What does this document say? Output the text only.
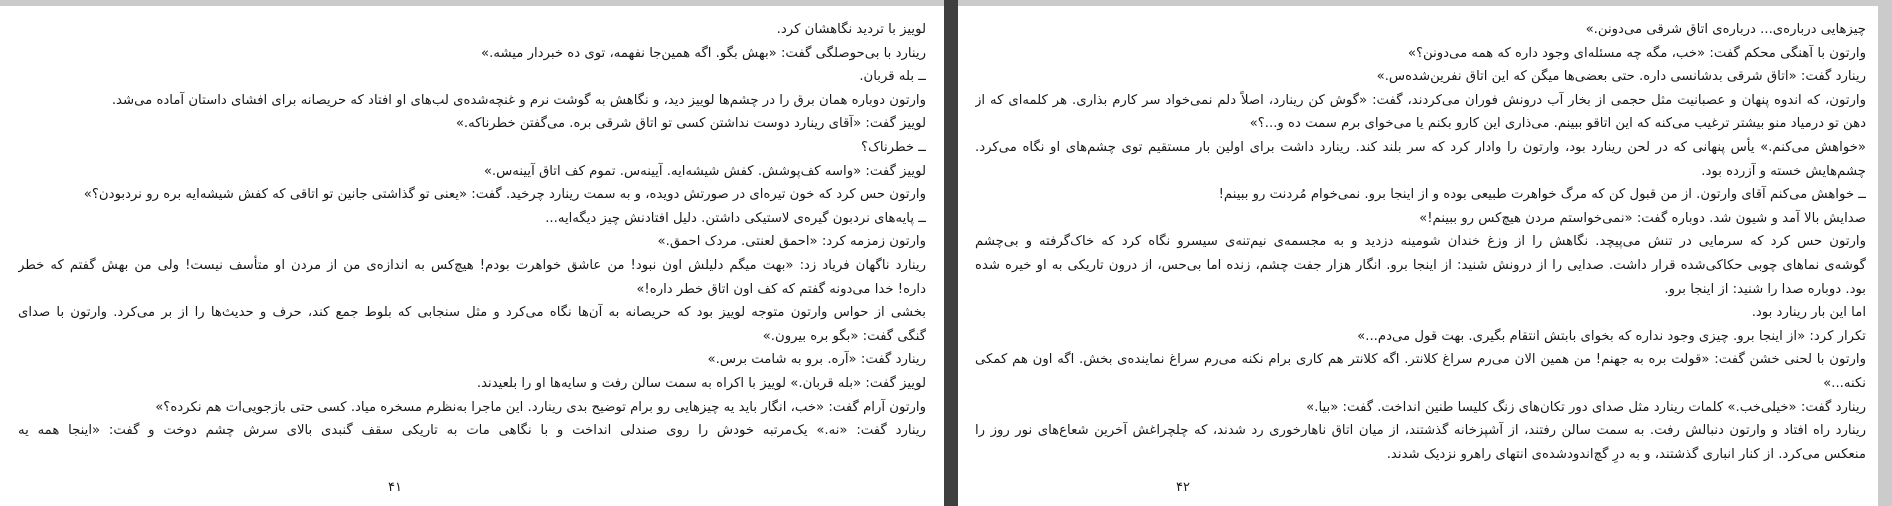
لوییز با تردید نگاهشان کرد.
رینارد با بی‌حوصلگی گفت: «بهش بگو. اگه همین‌جا نفهمه، توی ده خبردار میشه.»
ــ بله قربان.
وارتون دوباره همان برق را در چشم‌ها لوییز دید، و نگاهش به گوشت نرم و غنچه‌شده‌ی لب‌های او افتاد که حریصانه برای افشای داستان آماده می‌شد.
لوییز گفت: «آقای رینارد دوست نداشتن کسی تو اتاق شرقی بره. می‌گفتن خطرناکه.»
ــ خطرناک؟
لوییز گفت: «واسه کف‌پوشش. کفش شیشه‌ایه. آیینه‌س. تموم کف اتاق آیینه‌س.»
وارتون حس کرد که خون تیره‌ای در صورتش دویده، و به سمت رینارد چرخید. گفت: «یعنی تو گذاشتی جانین تو اتاقی که کفش شیشه‌ایه بره رو نردبودن؟»
ــ پایه‌های نردبون گیره‌ی لاستیکی داشتن. دلیل افتادنش چیز دیگه‌ایه...
وارتون زمزمه کرد: «احمق لعنتی. مردک احمق.»
رینارد ناگهان فریاد زد: «بهت میگم دلیلش اون نبود! من عاشق خواهرت بودم! هیچ‌کس به اندازه‌ی من از مردن او متأسف نیست! ولی من بهش گفتم که خطر
داره! خدا می‌دونه گفتم که کف اون اتاق خطر داره!»
بخشی از حواس وارتون متوجه لوییز بود که حریصانه به آن‌ها نگاه می‌کرد و مثل سنجابی که بلوط جمع کند، حرف و حدیث‌ها را از بر می‌کرد. وارتون با صدای
گنگی گفت: «بگو بره بیرون.»
رینارد گفت: «آره. برو به شامت برس.»
لوییز گفت: «بله قربان.» لوییز با اکراه به سمت سالن رفت و سایه‌ها او را بلعیدند.
وارتون آرام گفت: «خب، انگار باید یه چیزهایی رو برام توضیح بدی رینارد. این ماجرا به‌نظرم مسخره میاد. کسی حتی بازجویی‌ات هم نکرده؟»
رینارد گفت: «نه.» یک‌مرتبه خودش را روی صندلی انداخت و با نگاهی مات به تاریکی سقف گنبدی بالای سرش چشم دوخت و گفت: «اینجا همه یه
۴۱
چیزهایی درباره‌ی... درباره‌ی اتاق شرقی می‌دونن.»
وارتون با آهنگی محکم گفت: «خب، مگه چه مسئله‌ای وجود داره که همه می‌دونن؟»
رینارد گفت: «اتاق شرقی بدشانسی داره. حتی بعضی‌ها میگن که این اتاق نفرین‌شده‌س.»
وارتون، که اندوه پنهان و عصبانیت مثل حجمی از بخار آب درونش فوران می‌کردند، گفت: «گوش کن رینارد، اصلاً دلم نمی‌خواد سر کارم بذاری. هر کلمه‌ای که از
دهن تو درمیاد منو بیشتر ترغیب می‌کنه که این اتاقو ببینم. می‌ذاری این کارو بکنم یا می‌خوای برم سمت ده و...؟»
«خواهش می‌کنم.» یأس پنهانی که در لحن رینارد بود، وارتون را وادار کرد که سر بلند کند. رینارد داشت برای اولین بار مستقیم توی چشم‌های او نگاه می‌کرد.
چشم‌هایش خسته و آزرده بود.
ــ خواهش می‌کنم آقای وارتون. از من قبول کن که مرگ خواهرت طبیعی بوده و از اینجا برو. نمی‌خوام مُردنت رو ببینم!
صدایش بالا آمد و شیون شد. دوباره گفت: «نمی‌خواستم مردن هیچ‌کس رو ببینم!»
وارتون حس کرد که سرمایی در تنش می‌پیچد. نگاهش را از وزغ خندان شومینه دزدید و به مجسمه‌ی نیم‌تنه‌ی سیسرو نگاه کرد که خاک‌گرفته و بی‌چشم
گوشه‌ی نماهای چوبی حکاکی‌شده قرار داشت. صدایی را از درونش شنید: از اینجا برو. انگار هزار جفت چشم، زنده اما بی‌حس، از درون تاریکی به او خیره شده
بود. دوباره صدا را شنید: از اینجا برو.
اما این بار رینارد بود.
تکرار کرد: «از اینجا برو. چیزی وجود نداره که بخوای بابتش انتقام بگیری. بهت قول می‌دم...»
وارتون با لحنی خشن گفت: «قولت بره به جهنم! من همین الان می‌رم سراغ کلانتر. اگه کلانتر هم کاری برام نکنه می‌رم سراغ نماینده‌ی بخش. اگه اون هم کمکی
نکنه...»
رینارد گفت: «خیلی‌خب.» کلمات رینارد مثل صدای دور تکان‌های زنگ کلیسا طنین انداخت. گفت: «بیا.»
رینارد راه افتاد و وارتون دنبالش رفت. به سمت سالن رفتند، از آشپزخانه گذشتند، از میان اتاق ناهارخوری رد شدند، که چلچراغش آخرین شعاع‌های نور روز را
منعکس می‌کرد. از کنار انباری گذشتند، و به درِ گچ‌اندودشده‌ی انتهای راهرو نزدیک شدند.
۴۲
